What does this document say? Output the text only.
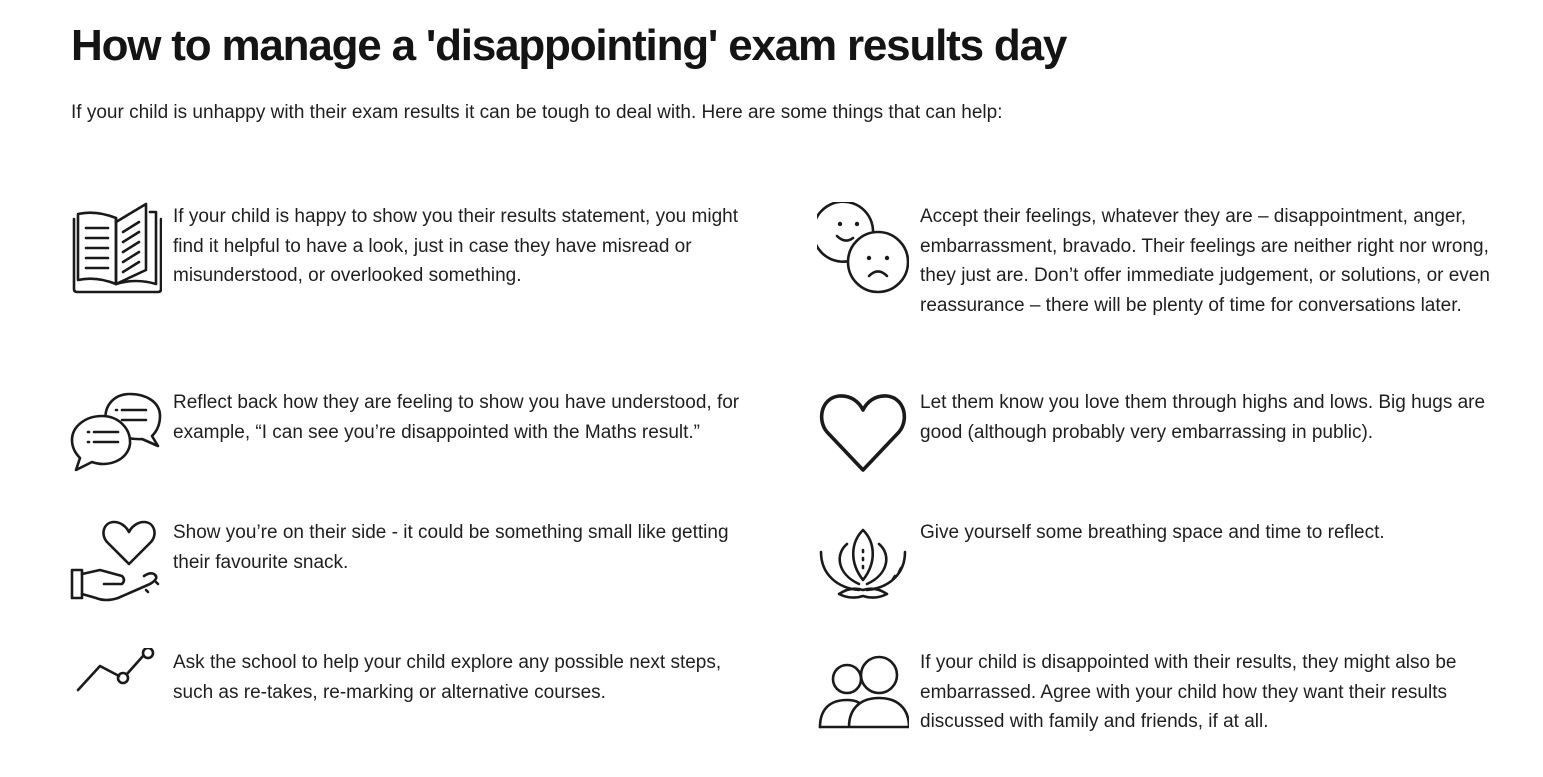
How to manage a 'disappointing' exam results day

If your child is unhappy with their exam results it can be tough to deal with. Here are some things that can help:

If your child is happy to show you their results statement, you might find it helpful to have a look, just in case they have misread or misunderstood, or overlooked something.
Accept their feelings, whatever they are – disappointment, anger, embarrassment, bravado. Their feelings are neither right nor wrong, they just are. Don’t offer immediate judgement, or solutions, or even reassurance – there will be plenty of time for conversations later.
Reflect back how they are feeling to show you have understood, for example, “I can see you’re disappointed with the Maths result.”
Let them know you love them through highs and lows. Big hugs are good (although probably very embarrassing in public).
Show you’re on their side - it could be something small like getting their favourite snack.
Give yourself some breathing space and time to reflect.
Ask the school to help your child explore any possible next steps, such as re-takes, re-marking or alternative courses.
If your child is disappointed with their results, they might also be embarrassed. Agree with your child how they want their results discussed with family and friends, if at all.
